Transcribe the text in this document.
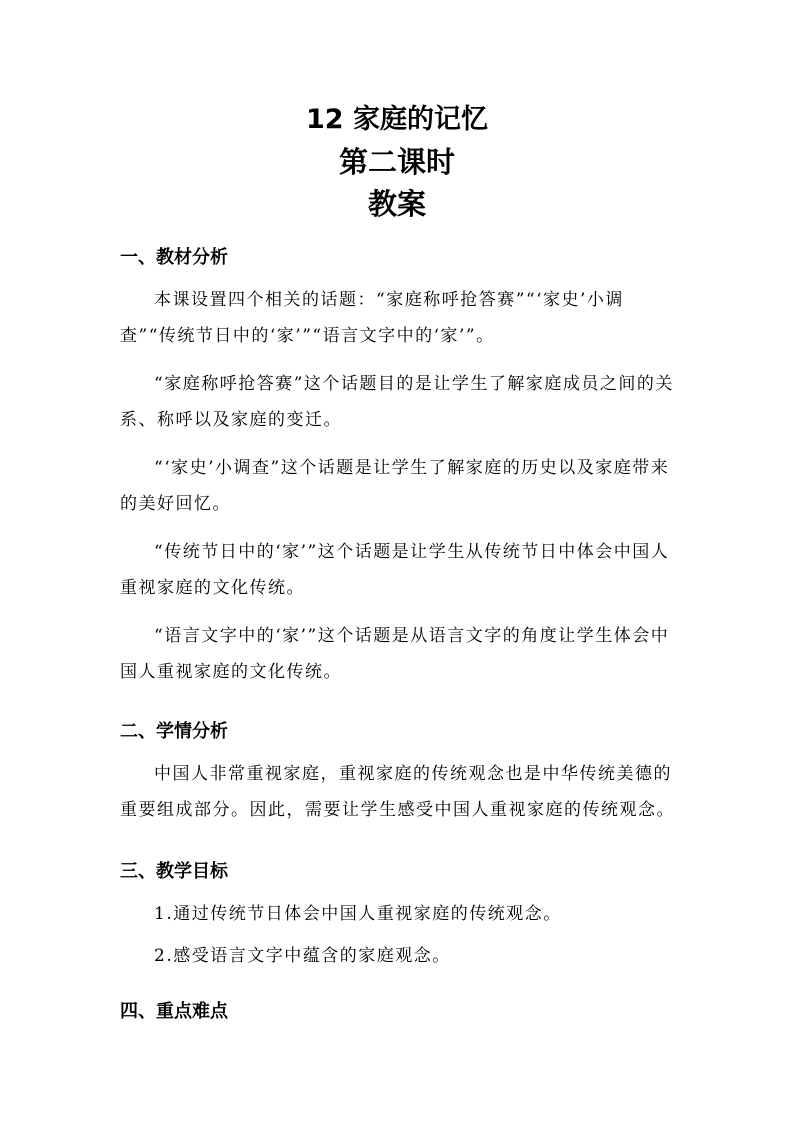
12 家庭的记忆
第二课时
教案
一、教材分析
本课设置四个相关的话题：“家庭称呼抢答赛”“‘家史’小调查”“传统节日中的‘家’”“语言文字中的‘家’”。
“家庭称呼抢答赛”这个话题目的是让学生了解家庭成员之间的关系、称呼以及家庭的变迁。
“‘家史’小调查”这个话题是让学生了解家庭的历史以及家庭带来的美好回忆。
“传统节日中的‘家’”这个话题是让学生从传统节日中体会中国人重视家庭的文化传统。
“语言文字中的‘家’”这个话题是从语言文字的角度让学生体会中国人重视家庭的文化传统。
二、学情分析
中国人非常重视家庭，重视家庭的传统观念也是中华传统美德的重要组成部分。因此，需要让学生感受中国人重视家庭的传统观念。
三、教学目标
1.通过传统节日体会中国人重视家庭的传统观念。
2.感受语言文字中蕴含的家庭观念。
四、重点难点
